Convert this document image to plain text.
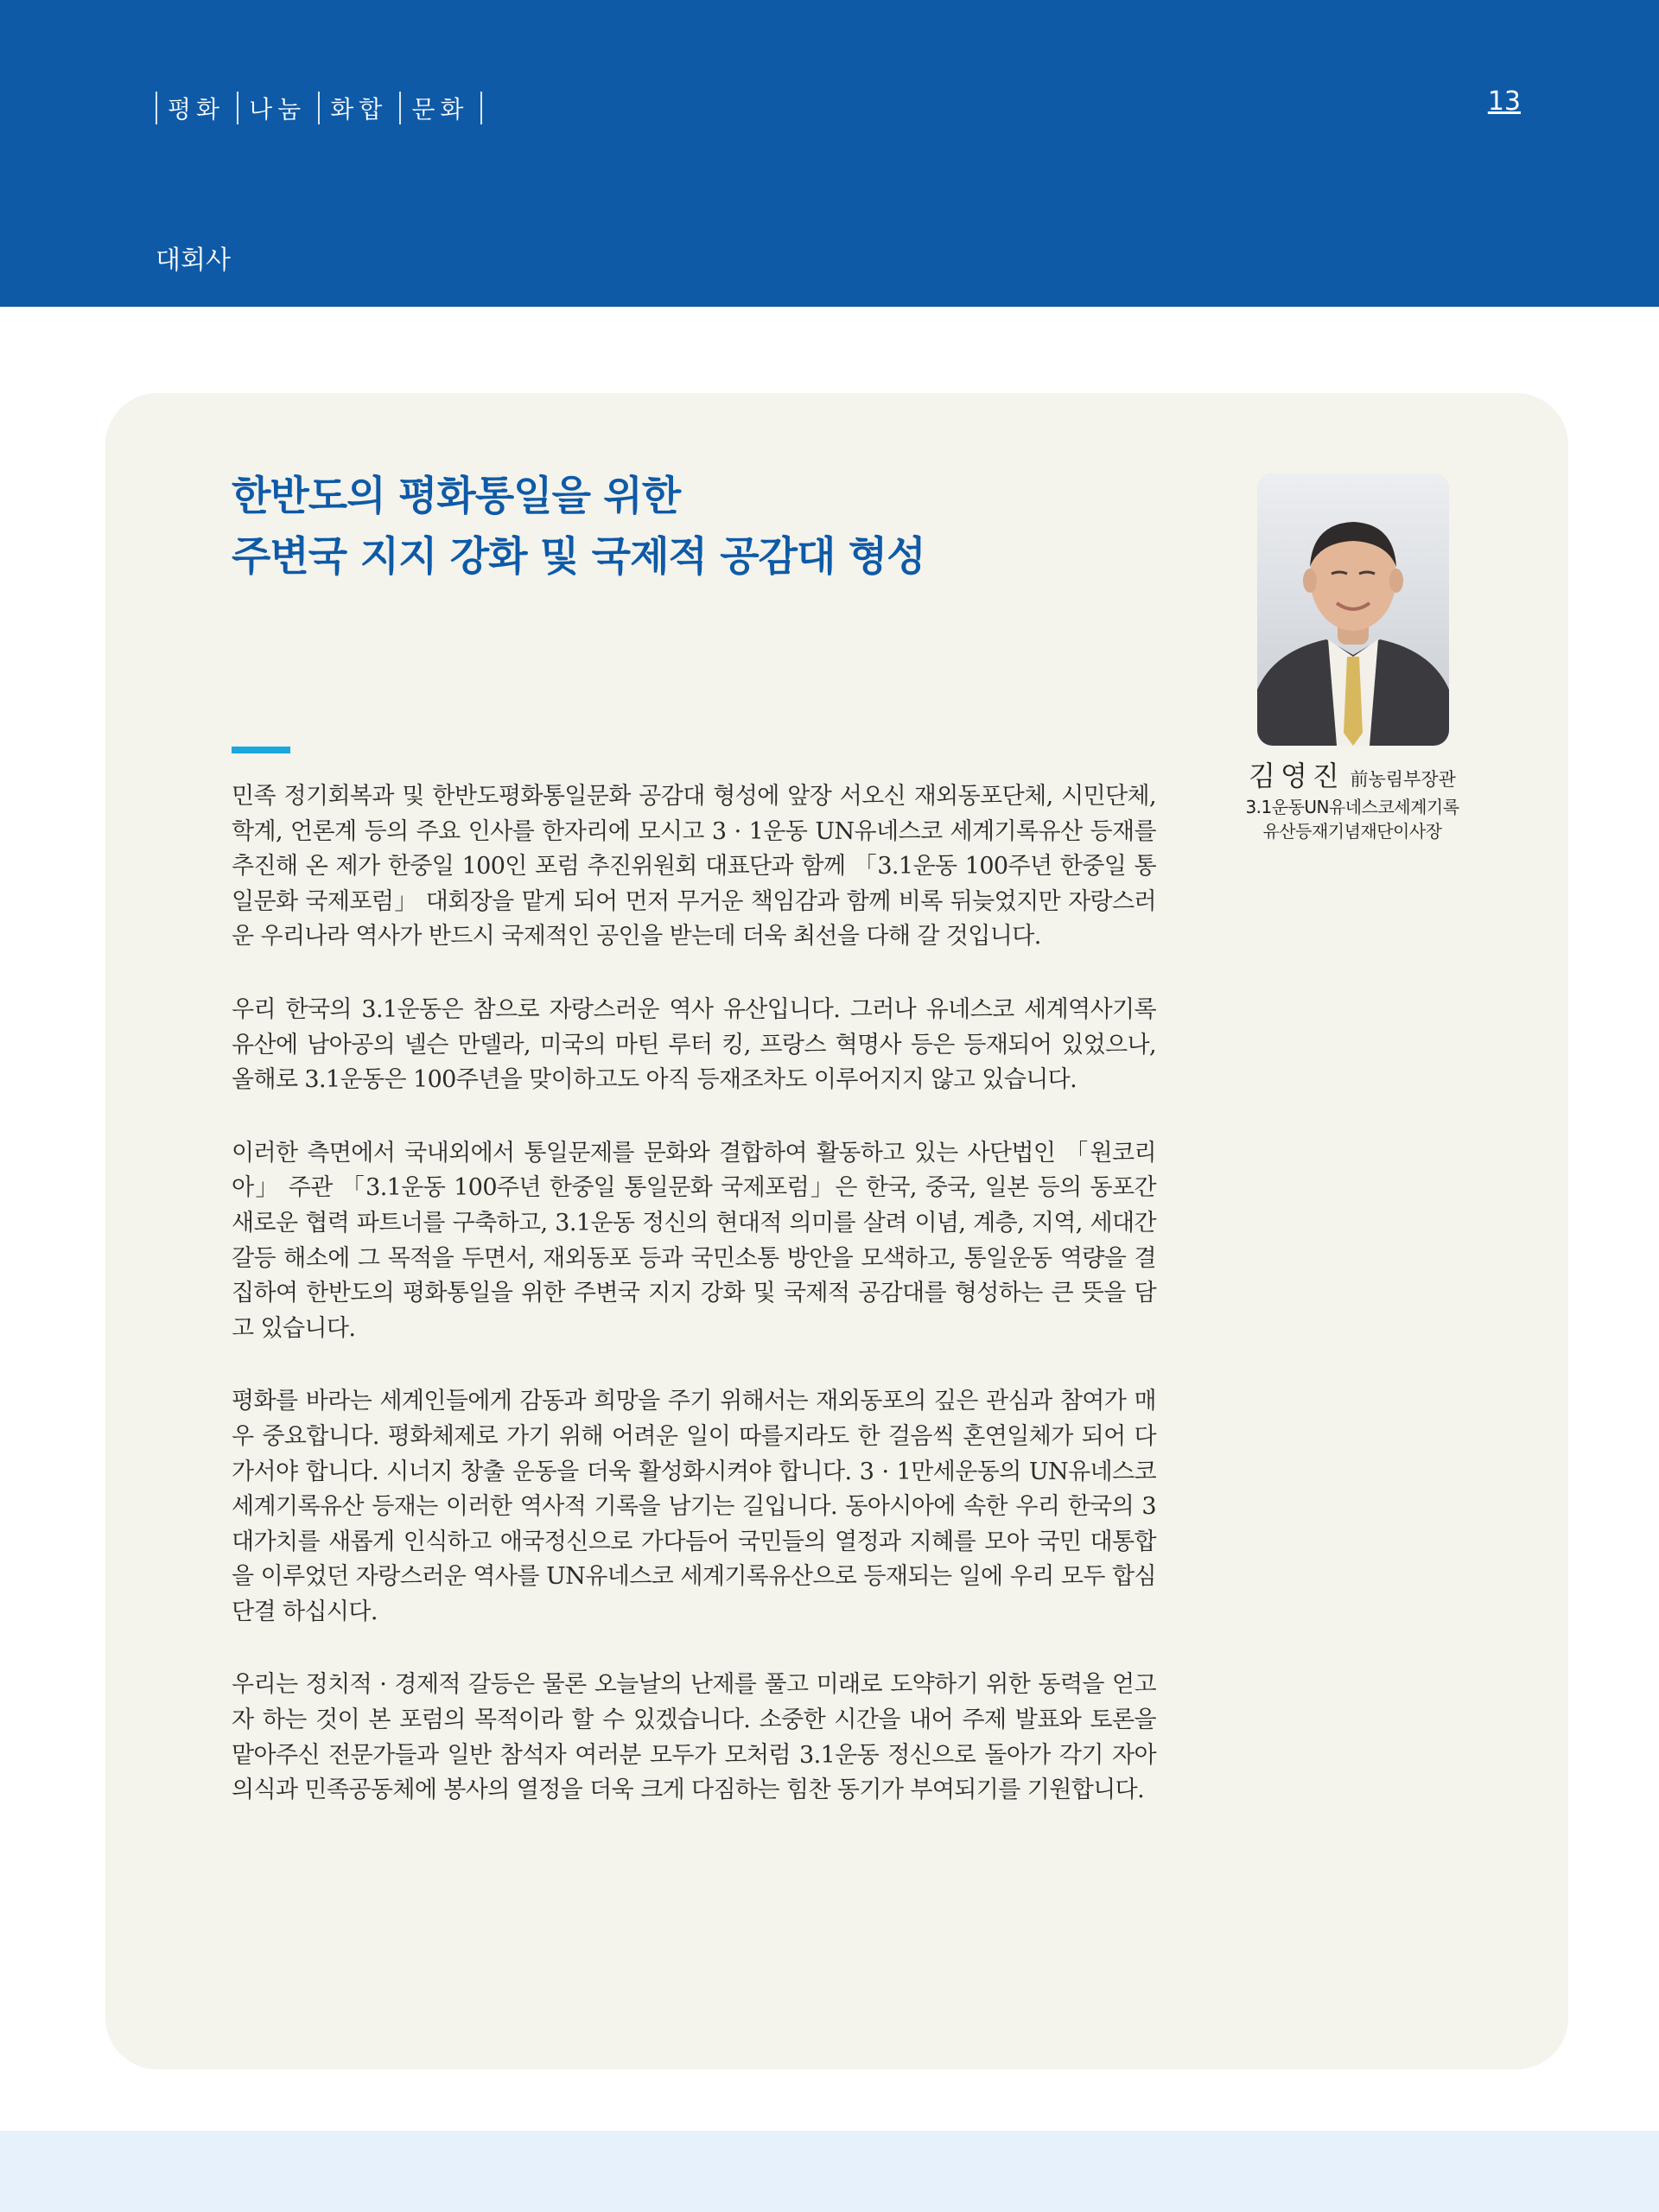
평화	나눔	화합	문화	13
대회사
한반도의 평화통일을 위한
주변국 지지 강화 및 국제적 공감대 형성

민족 정기회복과 및 한반도평화통일문화 공감대 형성에 앞장 서오신 재외동포단체, 시민단체, 학계, 언론계 등의 주요 인사를 한자리에 모시고 3 · 1운동 UN유네스코 세계기록유산 등재를 추진해 온 제가 한중일 100인 포럼 추진위원회 대표단과 함께 「3.1운동 100주년 한중일 통일문화 국제포럼」 대회장을 맡게 되어 먼저 무거운 책임감과 함께 비록 뒤늦었지만 자랑스러운 우리나라 역사가 반드시 국제적인 공인을 받는데 더욱 최선을 다해 갈 것입니다.

우리 한국의 3.1운동은 참으로 자랑스러운 역사 유산입니다. 그러나 유네스코 세계역사기록 유산에 남아공의 넬슨 만델라, 미국의 마틴 루터 킹, 프랑스 혁명사 등은 등재되어 있었으나, 올해로 3.1운동은 100주년을 맞이하고도 아직 등재조차도 이루어지지 않고 있습니다.

이러한 측면에서 국내외에서 통일문제를 문화와 결합하여 활동하고 있는 사단법인 「원코리아」 주관 「3.1운동 100주년 한중일 통일문화 국제포럼」은 한국, 중국, 일본 등의 동포간 새로운 협력 파트너를 구축하고, 3.1운동 정신의 현대적 의미를 살려 이념, 계층, 지역, 세대간 갈등 해소에 그 목적을 두면서, 재외동포 등과 국민소통 방안을 모색하고, 통일운동 역량을 결집하여 한반도의 평화통일을 위한 주변국 지지 강화 및 국제적 공감대를 형성하는 큰 뜻을 담고 있습니다.

평화를 바라는 세계인들에게 감동과 희망을 주기 위해서는 재외동포의 깊은 관심과 참여가 매우 중요합니다. 평화체제로 가기 위해 어려운 일이 따를지라도 한 걸음씩 혼연일체가 되어 다가서야 합니다. 시너지 창출 운동을 더욱 활성화시켜야 합니다. 3 · 1만세운동의 UN유네스코 세계기록유산 등재는 이러한 역사적 기록을 남기는 길입니다. 동아시아에 속한 우리 한국의 3대가치를 새롭게 인식하고 애국정신으로 가다듬어 국민들의 열정과 지혜를 모아 국민 대통합을 이루었던 자랑스러운 역사를 UN유네스코 세계기록유산으로 등재되는 일에 우리 모두 합심단결 하십시다.

우리는 정치적 · 경제적 갈등은 물론 오늘날의 난제를 풀고 미래로 도약하기 위한 동력을 얻고자 하는 것이 본 포럼의 목적이라 할 수 있겠습니다. 소중한 시간을 내어 주제 발표와 토론을 맡아주신 전문가들과 일반 참석자 여러분 모두가 모처럼 3.1운동 정신으로 돌아가 각기 자아의식과 민족공동체에 봉사의 열정을 더욱 크게 다짐하는 힘찬 동기가 부여되기를 기원합니다.

김영진 前농림부장관
3.1운동UN유네스코세계기록
유산등재기념재단이사장
